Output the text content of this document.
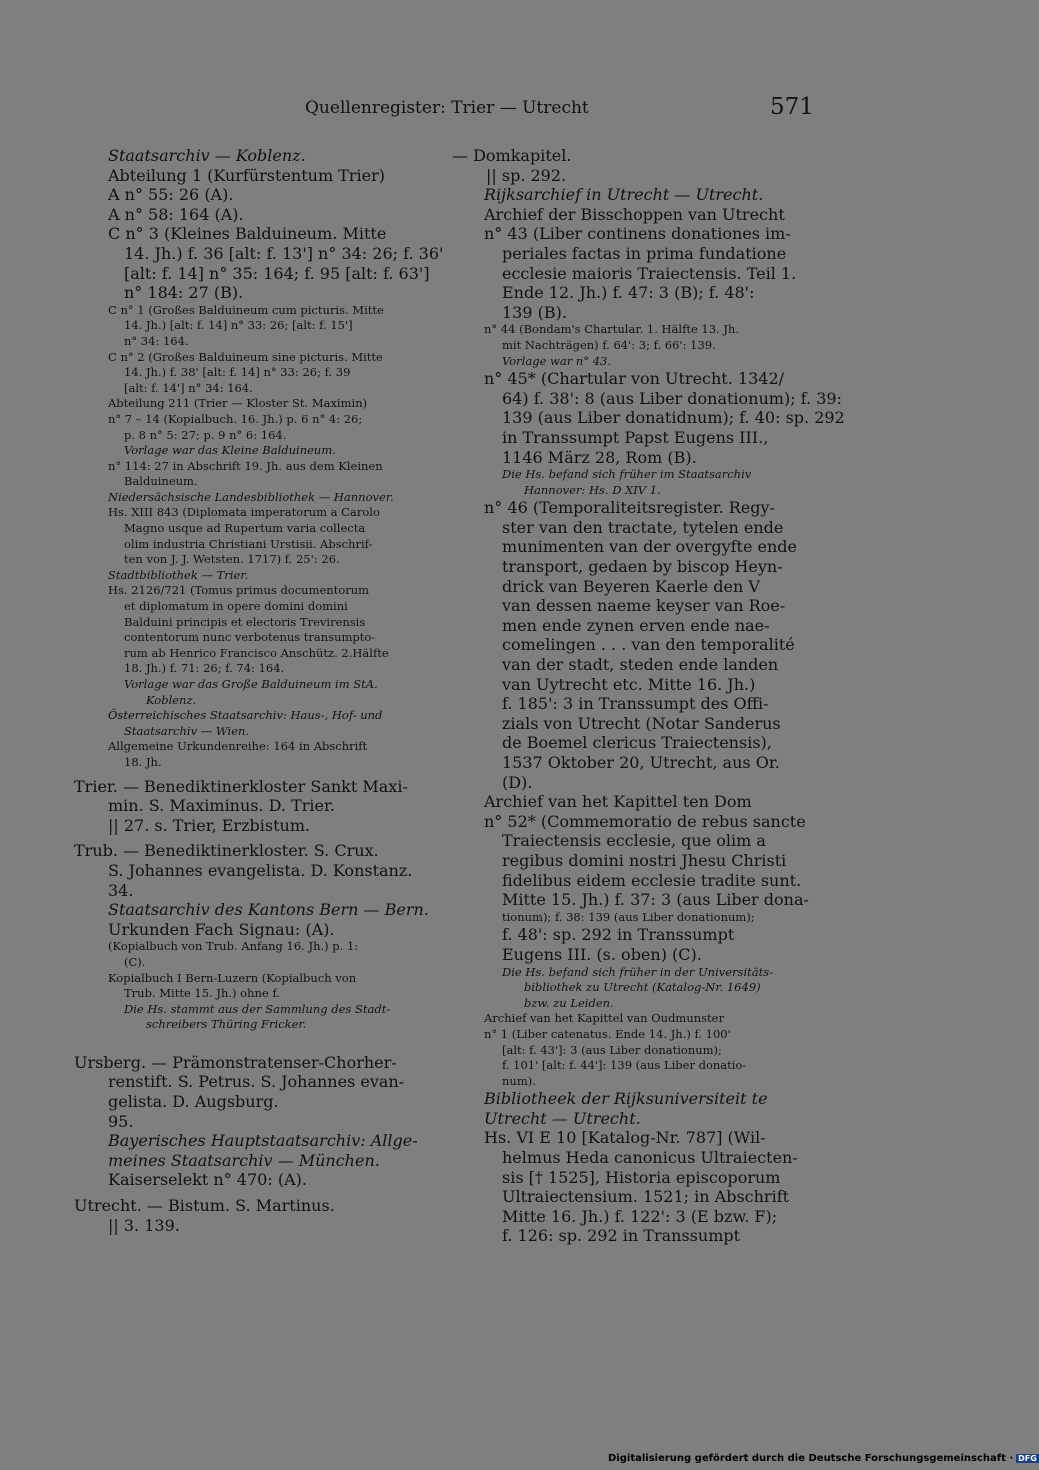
Quellenregister: Trier — Utrecht	571
Staatsarchiv — Koblenz.
Abteilung 1 (Kurfürstentum Trier)
A n° 55: 26 (A).
A n° 58: 164 (A).
C n° 3 (Kleines Balduineum. Mitte
14. Jh.) f. 36 [alt: f. 13'] n° 34: 26; f. 36'
[alt: f. 14] n° 35: 164; f. 95 [alt: f. 63']
n° 184: 27 (B).
C n° 1 (Großes Balduineum cum picturis. Mitte
14. Jh.) [alt: f. 14] n° 33: 26; [alt: f. 15']
n° 34: 164.
C n° 2 (Großes Balduineum sine picturis. Mitte
14. Jh.) f. 38' [alt: f. 14] n° 33: 26; f. 39
[alt: f. 14'] n° 34: 164.
Abteilung 211 (Trier — Kloster St. Maximin)
n° 7 – 14 (Kopialbuch. 16. Jh.) p. 6 n° 4: 26;
p. 8 n° 5: 27; p. 9 n° 6: 164.
Vorlage war das Kleine Balduineum.
n° 114: 27 in Abschrift 19. Jh. aus dem Kleinen
Balduineum.
Niedersächsische Landesbibliothek — Hannover.
Hs. XIII 843 (Diplomata imperatorum a Carolo
Magno usque ad Rupertum varia collecta
olim industria Christiani Urstisii. Abschrif-
ten von J. J. Wetsten. 1717) f. 25': 26.
Stadtbibliothek — Trier.
Hs. 2126/721 (Tomus primus documentorum
et diplomatum in opere domini domini
Balduini principis et electoris Trevirensis
contentorum nunc verbotenus transumpto-
rum ab Henrico Francisco Anschütz. 2.Hälfte
18. Jh.) f. 71: 26; f. 74: 164.
Vorlage war das Große Balduineum im StA.
Koblenz.
Österreichisches Staatsarchiv: Haus-, Hof- und
Staatsarchiv — Wien.
Allgemeine Urkundenreihe: 164 in Abschrift
18. Jh.
Trier. — Benediktinerkloster Sankt Maxi-
min. S. Maximinus. D. Trier.
|| 27. s. Trier, Erzbistum.
Trub. — Benediktinerkloster. S. Crux.
S. Johannes evangelista. D. Konstanz.
34.
Staatsarchiv des Kantons Bern — Bern.
Urkunden Fach Signau: (A).
(Kopialbuch von Trub. Anfang 16. Jh.) p. 1:
(C).
Kopialbuch I Bern-Luzern (Kopialbuch von
Trub. Mitte 15. Jh.) ohne f.
Die Hs. stammt aus der Sammlung des Stadt-
schreibers Thüring Fricker.
Ursberg. — Prämonstratenser-Chorher-
renstift. S. Petrus. S. Johannes evan-
gelista. D. Augsburg.
95.
Bayerisches Hauptstaatsarchiv: Allge-
meines Staatsarchiv — München.
Kaiserselekt n° 470: (A).
Utrecht. — Bistum. S. Martinus.
|| 3. 139.
— Domkapitel.
|| sp. 292.
Rijksarchief in Utrecht — Utrecht.
Archief der Bisschoppen van Utrecht
n° 43 (Liber continens donationes im-
periales factas in prima fundatione
ecclesie maioris Traiectensis. Teil 1.
Ende 12. Jh.) f. 47: 3 (B); f. 48':
139 (B).
n° 44 (Bondam's Chartular. 1. Hälfte 13. Jh.
mit Nachträgen) f. 64': 3; f. 66': 139.
Vorlage war n° 43.
n° 45* (Chartular von Utrecht. 1342/
64) f. 38': 8 (aus Liber donationum); f. 39:
139 (aus Liber donatidnum); f. 40: sp. 292
in Transsumpt Papst Eugens III.,
1146 März 28, Rom (B).
Die Hs. befand sich früher im Staatsarchiv
Hannover: Hs. D XIV 1.
n° 46 (Temporaliteitsregister. Regy-
ster van den tractate, tytelen ende
munimenten van der overgyfte ende
transport, gedaen by biscop Heyn-
drick van Beyeren Kaerle den V
van dessen naeme keyser van Roe-
men ende zynen erven ende nae-
comelingen . . . van den temporalité
van der stadt, steden ende landen
van Uytrecht etc. Mitte 16. Jh.)
f. 185': 3 in Transsumpt des Offi-
zials von Utrecht (Notar Sanderus
de Boemel clericus Traiectensis),
1537 Oktober 20, Utrecht, aus Or.
(D).
Archief van het Kapittel ten Dom
n° 52* (Commemoratio de rebus sancte
Traiectensis ecclesie, que olim a
regibus domini nostri Jhesu Christi
fidelibus eidem ecclesie tradite sunt.
Mitte 15. Jh.) f. 37: 3 (aus Liber dona-
tionum); f. 38: 139 (aus Liber donationum);
f. 48': sp. 292 in Transsumpt
Eugens III. (s. oben) (C).
Die Hs. befand sich früher in der Universitäts-
bibliothek zu Utrecht (Katalog-Nr. 1649)
bzw. zu Leiden.
Archief van het Kapittel van Oudmunster
n° 1 (Liber catenatus. Ende 14. Jh.) f. 100'
[alt: f. 43']: 3 (aus Liber donationum);
f. 101' [alt: f. 44']: 139 (aus Liber donatio-
num).
Bibliotheek der Rijksuniversiteit te
Utrecht — Utrecht.
Hs. VI E 10 [Katalog-Nr. 787] (Wil-
helmus Heda canonicus Ultraiecten-
sis [† 1525], Historia episcoporum
Ultraiectensium. 1521; in Abschrift
Mitte 16. Jh.) f. 122': 3 (E bzw. F);
f. 126: sp. 292 in Transsumpt
Digitalisierung gefördert durch die Deutsche Forschungsgemeinschaft · DFG
